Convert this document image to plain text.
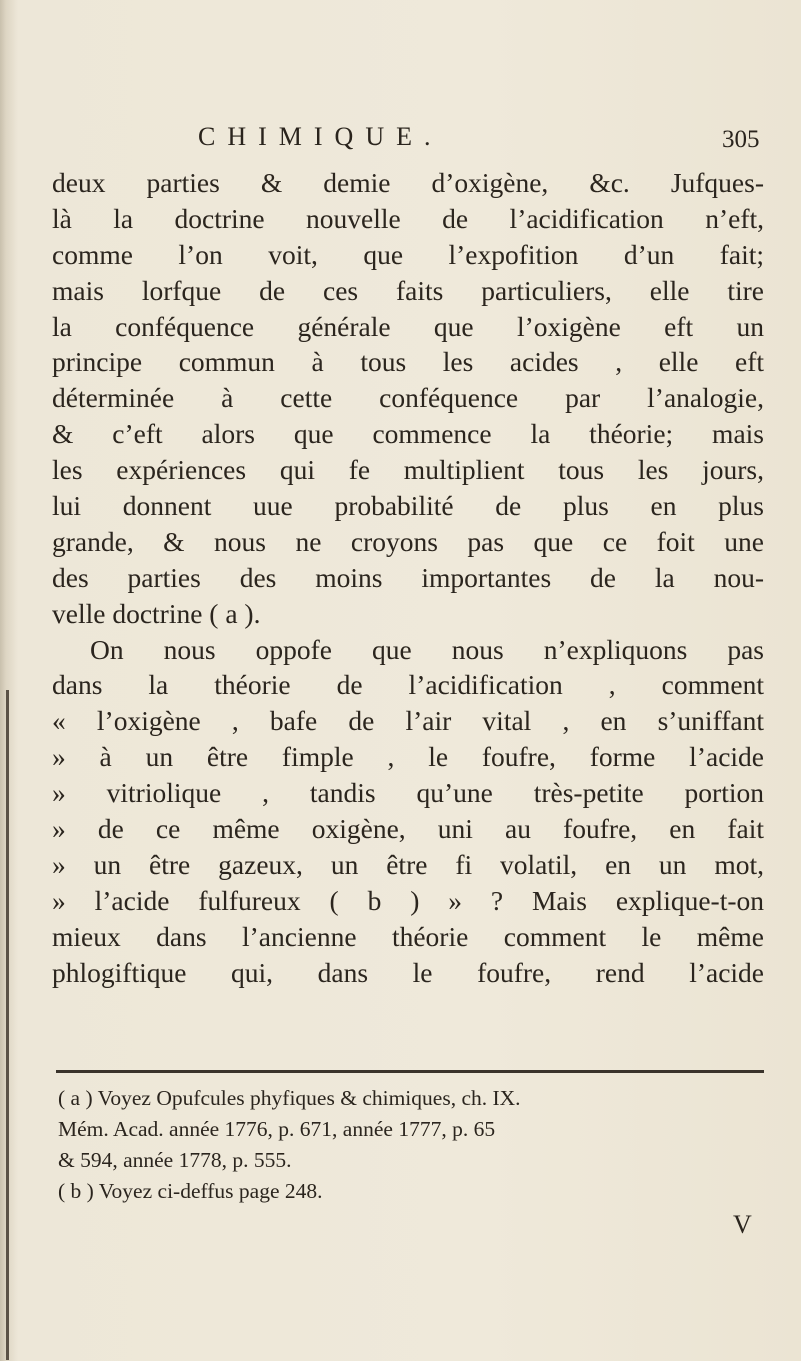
CHIMIQUE.	305
deux parties & demie d’oxigène, &c. Jufques-
là la doctrine nouvelle de l’acidification n’eft,
comme l’on voit, que l’expofition d’un fait;
mais lorfque de ces faits particuliers, elle tire
la conféquence générale que l’oxigène eft un
principe commun à tous les acides , elle eft
déterminée à cette conféquence par l’analogie,
& c’eft alors que commence la théorie; mais
les expériences qui fe multiplient tous les jours,
lui donnent uue probabilité de plus en plus
grande, & nous ne croyons pas que ce foit une
des parties des moins importantes de la nou-
velle doctrine ( a ).
On nous oppofe que nous n’expliquons pas
dans la théorie de l’acidification , comment
« l’oxigène , bafe de l’air vital , en s’uniffant
» à un être fimple , le foufre, forme l’acide
» vitriolique , tandis qu’une très-petite portion
» de ce même oxigène, uni au foufre, en fait
» un être gazeux, un être fi volatil, en un mot,
» l’acide fulfureux ( b ) » ? Mais explique-t-on
mieux dans l’ancienne théorie comment le même
phlogiftique qui, dans le foufre, rend l’acide
( a ) Voyez Opufcules phyfiques & chimiques, ch. IX.
Mém. Acad. année 1776, p. 671, année 1777, p. 65
& 594, année 1778, p. 555.
( b ) Voyez ci-deffus page 248.
V
